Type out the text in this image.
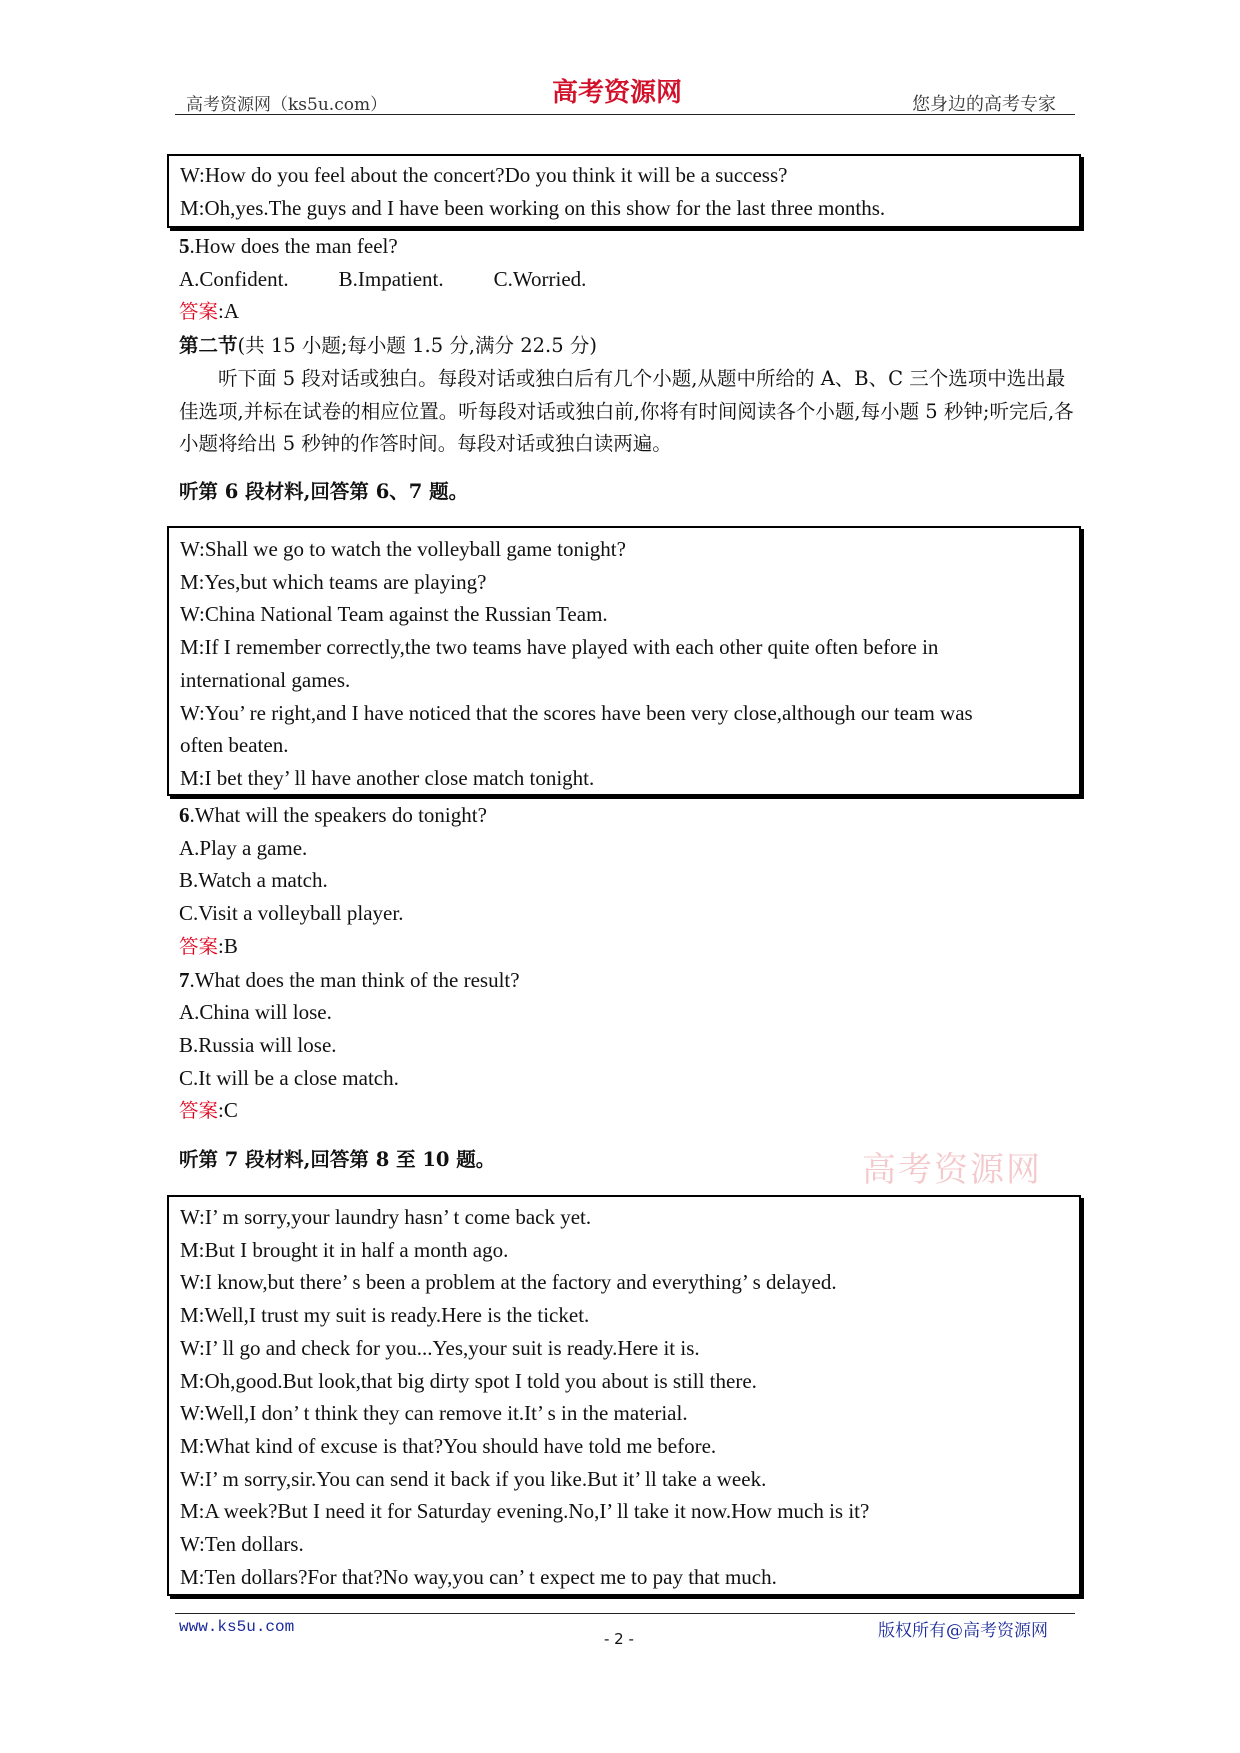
高考资源网（ks5u.com）	高考资源网	您身边的高考专家
W:How do you feel about the concert?Do you think it will be a success?
M:Oh,yes.The guys and I have been working on this show for the last three months.
5.How does the man feel?
A.Confident. B.Impatient. C.Worried.
答案:A
第二节(共 15 小题;每小题 1.5 分,满分 22.5 分)
听下面 5 段对话或独白。每段对话或独白后有几个小题,从题中所给的 A、B、C 三个选项中选出最佳选项,并标在试卷的相应位置。听每段对话或独白前,你将有时间阅读各个小题,每小题 5 秒钟;听完后,各小题将给出 5 秒钟的作答时间。每段对话或独白读两遍。
听第 6 段材料,回答第 6、7 题。
W:Shall we go to watch the volleyball game tonight?
M:Yes,but which teams are playing?
W:China National Team against the Russian Team.
M:If I remember correctly,the two teams have played with each other quite often before in
international games.
W:You’ re right,and I have noticed that the scores have been very close,although our team was
often beaten.
M:I bet they’ ll have another close match tonight.
6.What will the speakers do tonight?
A.Play a game.
B.Watch a match.
C.Visit a volleyball player.
答案:B
7.What does the man think of the result?
A.China will lose.
B.Russia will lose.
C.It will be a close match.
答案:C
听第 7 段材料,回答第 8 至 10 题。	高考资源网
W:I’ m sorry,your laundry hasn’ t come back yet.
M:But I brought it in half a month ago.
W:I know,but there’ s been a problem at the factory and everything’ s delayed.
M:Well,I trust my suit is ready.Here is the ticket.
W:I’ ll go and check for you...Yes,your suit is ready.Here it is.
M:Oh,good.But look,that big dirty spot I told you about is still there.
W:Well,I don’ t think they can remove it.It’ s in the material.
M:What kind of excuse is that?You should have told me before.
W:I’ m sorry,sir.You can send it back if you like.But it’ ll take a week.
M:A week?But I need it for Saturday evening.No,I’ ll take it now.How much is it?
W:Ten dollars.
M:Ten dollars?For that?No way,you can’ t expect me to pay that much.
www.ks5u.com
- 2 -	版权所有@高考资源网
